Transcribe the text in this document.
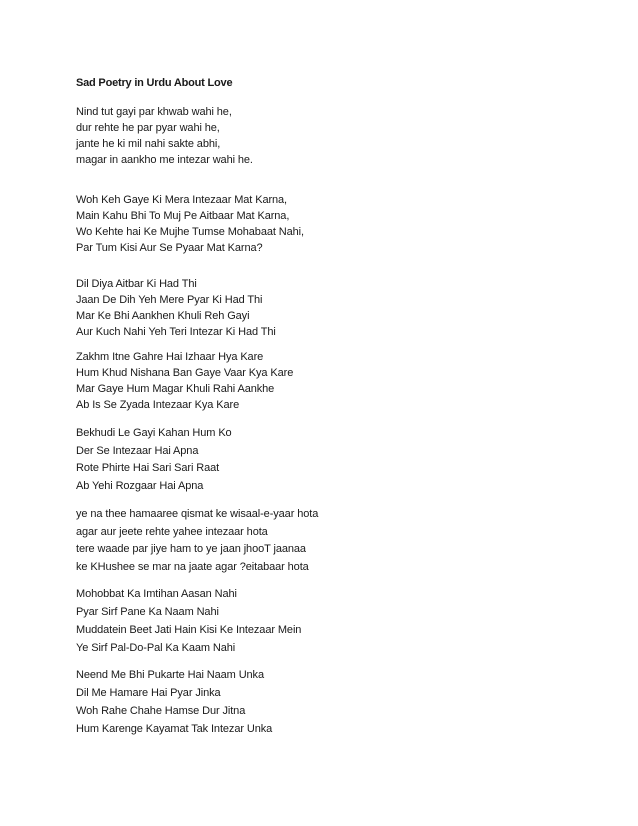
Sad Poetry in Urdu About Love
Nind tut gayi par khwab wahi he,
dur rehte he par pyar wahi he,
jante he ki mil nahi sakte abhi,
magar in aankho me intezar wahi he.
Woh Keh Gaye Ki Mera Intezaar Mat Karna,
Main Kahu Bhi To Muj Pe Aitbaar Mat Karna,
Wo Kehte hai Ke Mujhe Tumse Mohabaat Nahi,
Par Tum Kisi Aur Se Pyaar Mat Karna?
Dil Diya Aitbar Ki Had Thi
Jaan De Dih Yeh Mere Pyar Ki Had Thi
Mar Ke Bhi Aankhen Khuli Reh Gayi
Aur Kuch Nahi Yeh Teri Intezar Ki Had Thi
Zakhm Itne Gahre Hai Izhaar Hya Kare
Hum Khud Nishana Ban Gaye Vaar Kya Kare
Mar Gaye Hum Magar Khuli Rahi Aankhe
Ab Is Se Zyada Intezaar Kya Kare
Bekhudi Le Gayi Kahan Hum Ko
Der Se Intezaar Hai Apna
Rote Phirte Hai Sari Sari Raat
Ab Yehi Rozgaar Hai Apna
ye na thee hamaaree qismat ke wisaal-e-yaar hota
agar aur jeete rehte yahee intezaar hota
tere waade par jiye ham to ye jaan jhooT jaanaa
ke KHushee se mar na jaate agar ?eitabaar hota
Mohobbat Ka Imtihan Aasan Nahi
Pyar Sirf Pane Ka Naam Nahi
Muddatein Beet Jati Hain Kisi Ke Intezaar Mein
Ye Sirf Pal-Do-Pal Ka Kaam Nahi
Neend Me Bhi Pukarte Hai Naam Unka
Dil Me Hamare Hai Pyar Jinka
Woh Rahe Chahe Hamse Dur Jitna
Hum Karenge Kayamat Tak Intezar Unka
